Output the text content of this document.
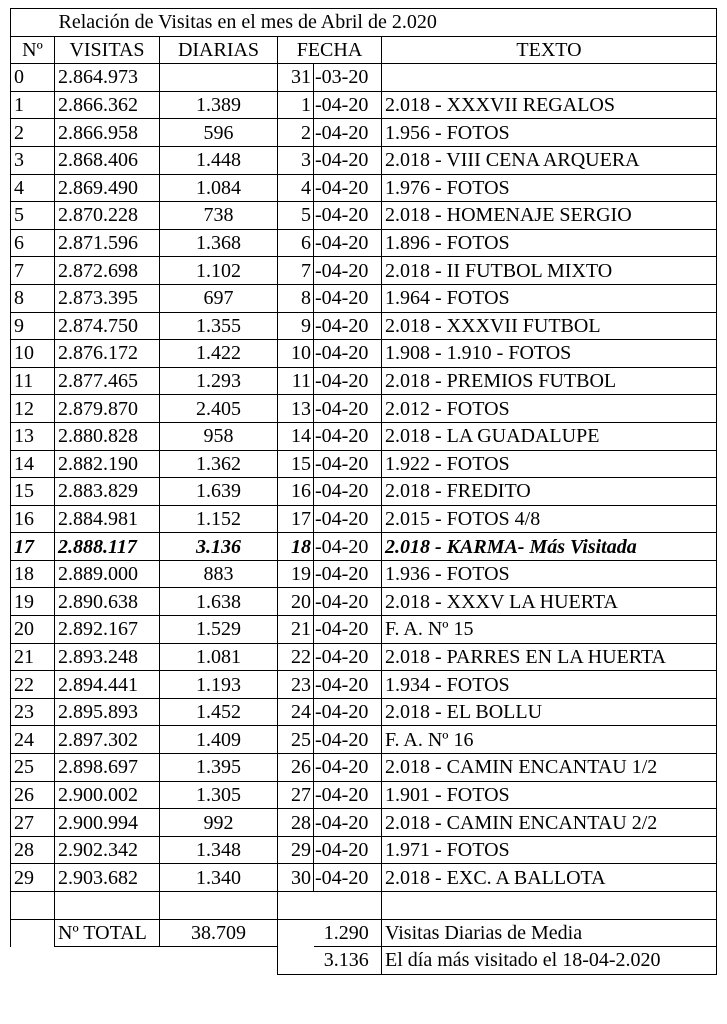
	Relación de Visitas en el mes de Abril de 2.020				
Nº	VISITAS	DIARIAS	FECHA		TEXTO
0	2.864.973		31	-03-20	
1	2.866.362	1.389	1	-04-20	2.018 - XXXVII REGALOS
2	2.866.958	596	2	-04-20	1.956 - FOTOS
3	2.868.406	1.448	3	-04-20	2.018 - VIII CENA ARQUERA
4	2.869.490	1.084	4	-04-20	1.976 - FOTOS
5	2.870.228	738	5	-04-20	2.018 - HOMENAJE SERGIO
6	2.871.596	1.368	6	-04-20	1.896 - FOTOS
7	2.872.698	1.102	7	-04-20	2.018 - II FUTBOL MIXTO
8	2.873.395	697	8	-04-20	1.964 - FOTOS
9	2.874.750	1.355	9	-04-20	2.018 - XXXVII FUTBOL
10	2.876.172	1.422	10	-04-20	1.908 - 1.910 - FOTOS
11	2.877.465	1.293	11	-04-20	2.018 - PREMIOS FUTBOL
12	2.879.870	2.405	13	-04-20	2.012 - FOTOS
13	2.880.828	958	14	-04-20	2.018 - LA GUADALUPE
14	2.882.190	1.362	15	-04-20	1.922 - FOTOS
15	2.883.829	1.639	16	-04-20	2.018 - FREDITO
16	2.884.981	1.152	17	-04-20	2.015 - FOTOS 4/8
17	2.888.117	3.136	18	-04-20	2.018 - KARMA- Más Visitada
18	2.889.000	883	19	-04-20	1.936 - FOTOS
19	2.890.638	1.638	20	-04-20	2.018 - XXXV LA HUERTA
20	2.892.167	1.529	21	-04-20	F. A. Nº 15
21	2.893.248	1.081	22	-04-20	2.018 - PARRES EN LA HUERTA
22	2.894.441	1.193	23	-04-20	1.934 - FOTOS
23	2.895.893	1.452	24	-04-20	2.018 - EL BOLLU
24	2.897.302	1.409	25	-04-20	F. A. Nº 16
25	2.898.697	1.395	26	-04-20	2.018 - CAMIN ENCANTAU 1/2
26	2.900.002	1.305	27	-04-20	1.901 - FOTOS
27	2.900.994	992	28	-04-20	2.018 - CAMIN ENCANTAU 2/2
28	2.902.342	1.348	29	-04-20	1.971 - FOTOS
29	2.903.682	1.340	30	-04-20	2.018 - EXC. A BALLOTA

	Nº TOTAL	38.709		1.290	Visitas Diarias de Media
				3.136	El día más visitado el 18-04-2.020
